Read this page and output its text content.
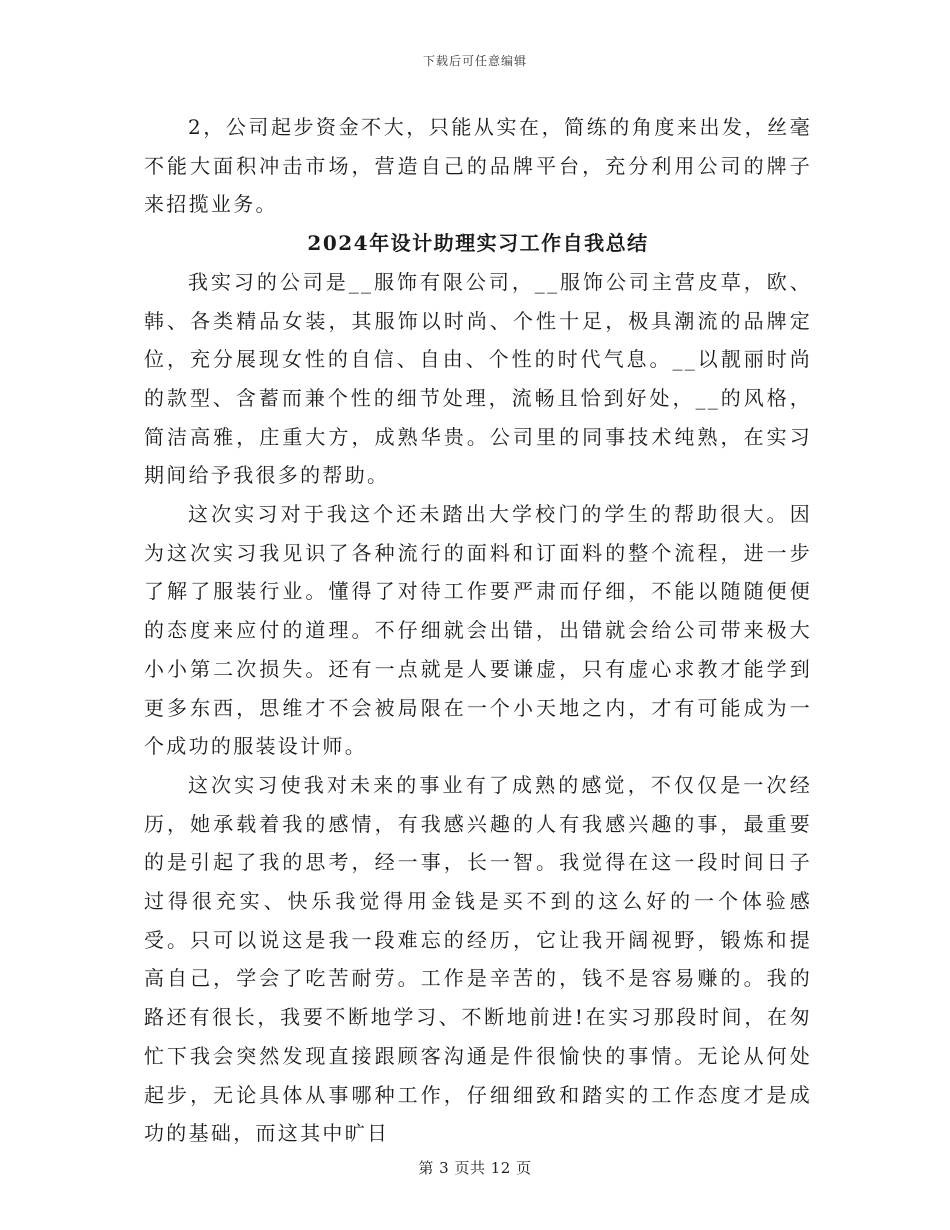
下载后可任意编辑

2，公司起步资金不大，只能从实在，简练的角度来出发，丝毫不能大面积冲击市场，营造自己的品牌平台，充分利用公司的牌子来招揽业务。

2024年设计助理实习工作自我总结

我实习的公司是__服饰有限公司，__服饰公司主营皮草，欧、韩、各类精品女装，其服饰以时尚、个性十足，极具潮流的品牌定位，充分展现女性的自信、自由、个性的时代气息。__以靓丽时尚的款型、含蓄而兼个性的细节处理，流畅且恰到好处，__的风格，简洁高雅，庄重大方，成熟华贵。公司里的同事技术纯熟，在实习期间给予我很多的帮助。

这次实习对于我这个还未踏出大学校门的学生的帮助很大。因为这次实习我见识了各种流行的面料和订面料的整个流程，进一步了解了服装行业。懂得了对待工作要严肃而仔细，不能以随随便便的态度来应付的道理。不仔细就会出错，出错就会给公司带来极大小小第二次损失。还有一点就是人要谦虚，只有虚心求教才能学到更多东西，思维才不会被局限在一个小天地之内，才有可能成为一个成功的服装设计师。

这次实习使我对未来的事业有了成熟的感觉，不仅仅是一次经历，她承载着我的感情，有我感兴趣的人有我感兴趣的事，最重要的是引起了我的思考，经一事，长一智。我觉得在这一段时间日子过得很充实、快乐我觉得用金钱是买不到的这么好的一个体验感受。只可以说这是我一段难忘的经历，它让我开阔视野，锻炼和提高自己，学会了吃苦耐劳。工作是辛苦的，钱不是容易赚的。我的路还有很长，我要不断地学习、不断地前进!在实习那段时间，在匆忙下我会突然发现直接跟顾客沟通是件很愉快的事情。无论从何处起步，无论具体从事哪种工作，仔细细致和踏实的工作态度才是成功的基础，而这其中旷日

第 3 页共 12 页
